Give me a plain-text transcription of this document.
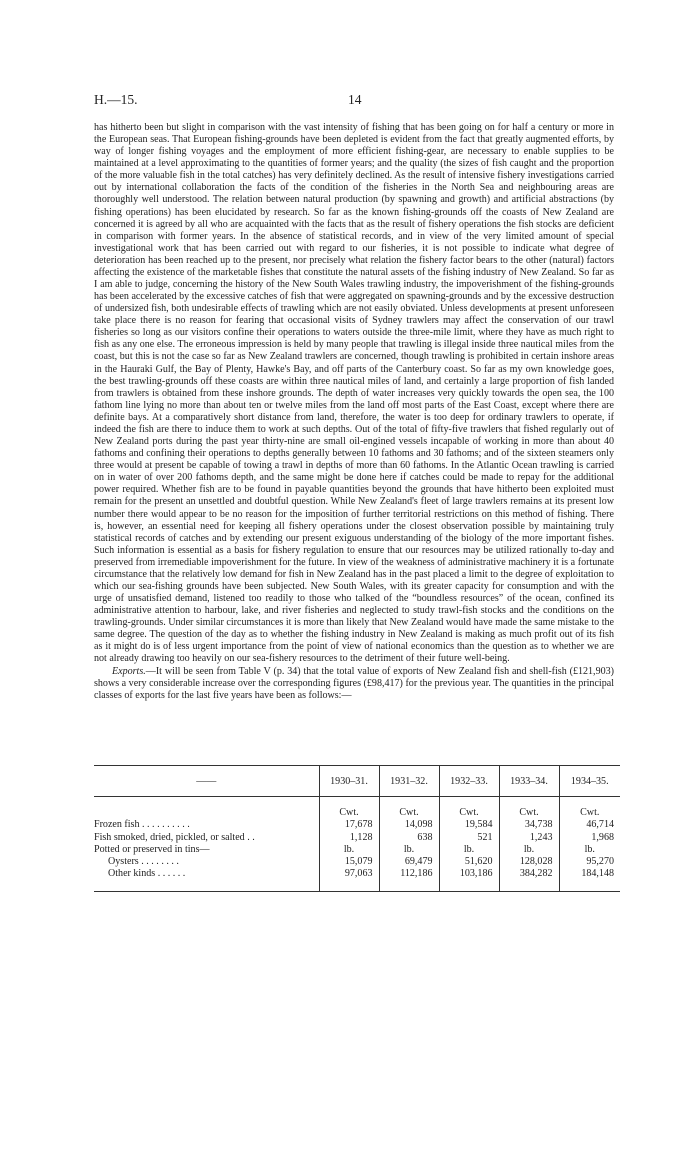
H.—15.	14

has hitherto been but slight in comparison with the vast intensity of fishing that has been going on for half a century or more in the European seas. That European fishing-grounds have been depleted is evident from the fact that greatly augmented efforts, by way of longer fishing voyages and the employment of more efficient fishing-gear, are necessary to enable supplies to be maintained at a level approximating to the quantities of former years; and the quality (the sizes of fish caught and the proportion of the more valuable fish in the total catches) has very definitely declined. As the result of intensive fishery investigations carried out by international collaboration the facts of the condition of the fisheries in the North Sea and neighbouring areas are thoroughly well understood. The relation between natural production (by spawning and growth) and artificial abstractions (by fishing operations) has been elucidated by research. So far as the known fishing-grounds off the coasts of New Zealand are concerned it is agreed by all who are acquainted with the facts that as the result of fishery operations the fish stocks are deficient in comparison with former years. In the absence of statistical records, and in view of the very limited amount of special investigational work that has been carried out with regard to our fisheries, it is not possible to indicate what degree of deterioration has been reached up to the present, nor precisely what relation the fishery factor bears to the other (natural) factors affecting the existence of the marketable fishes that constitute the natural assets of the fishing industry of New Zealand. So far as I am able to judge, concerning the history of the New South Wales trawling industry, the impoverishment of the fishing-grounds has been accelerated by the excessive catches of fish that were aggregated on spawning-grounds and by the excessive destruction of undersized fish, both undesirable effects of trawling which are not easily obviated. Unless developments at present unforeseen take place there is no reason for fearing that occasional visits of Sydney trawlers may affect the conservation of our trawl fisheries so long as our visitors confine their operations to waters outside the three-mile limit, where they have as much right to fish as any one else. The erroneous impression is held by many people that trawling is illegal inside three nautical miles from the coast, but this is not the case so far as New Zealand trawlers are concerned, though trawling is prohibited in certain inshore areas in the Hauraki Gulf, the Bay of Plenty, Hawke's Bay, and off parts of the Canterbury coast. So far as my own knowledge goes, the best trawling-grounds off these coasts are within three nautical miles of land, and certainly a large proportion of fish landed from trawlers is obtained from these inshore grounds. The depth of water increases very quickly towards the open sea, the 100 fathom line lying no more than about ten or twelve miles from the land off most parts of the East Coast, except where there are definite bays. At a comparatively short distance from land, therefore, the water is too deep for ordinary trawlers to operate, if indeed the fish are there to induce them to work at such depths. Out of the total of fifty-five trawlers that fished regularly out of New Zealand ports during the past year thirty-nine are small oil-engined vessels incapable of working in more than about 40 fathoms and confining their operations to depths generally between 10 fathoms and 30 fathoms; and of the sixteen steamers only three would at present be capable of towing a trawl in depths of more than 60 fathoms. In the Atlantic Ocean trawling is carried on in water of over 200 fathoms depth, and the same might be done here if catches could be made to repay for the additional power required. Whether fish are to be found in payable quantities beyond the grounds that have hitherto been exploited must remain for the present an unsettled and doubtful question. While New Zealand's fleet of large trawlers remains at its present low number there would appear to be no reason for the imposition of further territorial restrictions on this method of fishing. There is, however, an essential need for keeping all fishery operations under the closest observation possible by maintaining truly statistical records of catches and by extending our present exiguous understanding of the biology of the more important fishes. Such information is essential as a basis for fishery regulation to ensure that our resources may be utilized rationally to-day and preserved from irremediable impoverishment for the future. In view of the weakness of administrative machinery it is a fortunate circumstance that the relatively low demand for fish in New Zealand has in the past placed a limit to the degree of exploitation to which our sea-fishing grounds have been subjected. New South Wales, with its greater capacity for consumption and with the urge of unsatisfied demand, listened too readily to those who talked of the “boundless resources” of the ocean, confined its administrative attention to harbour, lake, and river fisheries and neglected to study trawl-fish stocks and the conditions on the trawling-grounds. Under similar circumstances it is more than likely that New Zealand would have made the same mistake to the same degree. The question of the day as to whether the fishing industry in New Zealand is making as much profit out of its fish as it might do is of less urgent importance from the point of view of national economics than the question as to whether we are not already drawing too heavily on our sea-fishery resources to the detriment of their future well-being.

Exports.—It will be seen from Table V (p. 34) that the total value of exports of New Zealand fish and shell-fish (£121,903) shows a very considerable increase over the corresponding figures (£98,417) for the previous year. The quantities in the principal classes of exports for the last five years have been as follows:—

——	1930–31.	1931–32.	1932–33.	1933–34.	1934–35.

	Cwt.	Cwt.	Cwt.	Cwt.	Cwt.
Frozen fish . . . . . . . . . .	17,678	14,098	19,584	34,738	46,714
Fish smoked, dried, pickled, or salted . .	1,128	638	521	1,243	1,968
Potted or preserved in tins—	lb.	lb.	lb.	lb.	lb.
Oysters . . . . . . . .	15,079	69,479	51,620	128,028	95,270
Other kinds . . . . . .	97,063	112,186	103,186	384,282	184,148
